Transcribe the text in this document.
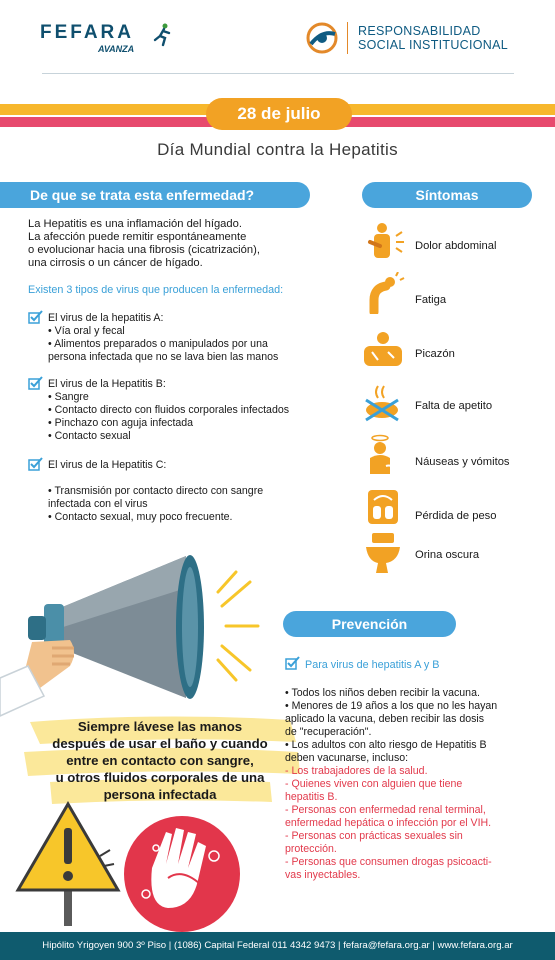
FEFARA
AVANZA
RESPONSABILIDAD
SOCIAL INSTITUCIONAL
28 de julio
Día Mundial contra la Hepatitis
De que se trata esta enfermedad?
La Hepatitis es una inflamación del hígado.
La afección puede remitir espontáneamente
o evolucionar hacia una fibrosis (cicatrización),
una cirrosis o un cáncer de hígado.
Existen 3 tipos de virus que producen la enfermedad:
El virus de la hepatitis A:
• Vía oral y fecal
• Alimentos preparados o manipulados por una
persona infectada que no se lava bien las manos
El virus de la Hepatitis B:
• Sangre
• Contacto directo con fluidos corporales infectados
• Pinchazo con aguja infectada
• Contacto sexual
El virus de la Hepatitis C:
• Transmisión por contacto directo con sangre
infectada con el virus
• Contacto sexual, muy poco frecuente.
Síntomas
Dolor abdominal
Fatiga
Picazón
Falta de apetito
Náuseas y vómitos
Pérdida de peso
Orina oscura
Siempre lávese las manos
después de usar el baño y cuando
entre en contacto con sangre,
u otros fluidos corporales de una
persona infectada
Prevención
Para virus de hepatitis A y B
• Todos los niños deben recibir la vacuna.
• Menores de 19 años a los que no les hayan
aplicado la vacuna, deben recibir las dosis
de "recuperación".
• Los adultos con alto riesgo de Hepatitis B
deben vacunarse, incluso:
- Los trabajadores de la salud.
- Quienes viven con alguien que tiene
hepatitis B.
- Personas con enfermedad renal terminal,
enfermedad hepática o infección por el VIH.
- Personas con prácticas sexuales sin
protección.
- Personas que consumen drogas psicoacti-
vas inyectables.
Hipólito Yrigoyen 900 3º Piso | (1086) Capital Federal 011 4342 9473 | fefara@fefara.org.ar | www.fefara.org.ar
